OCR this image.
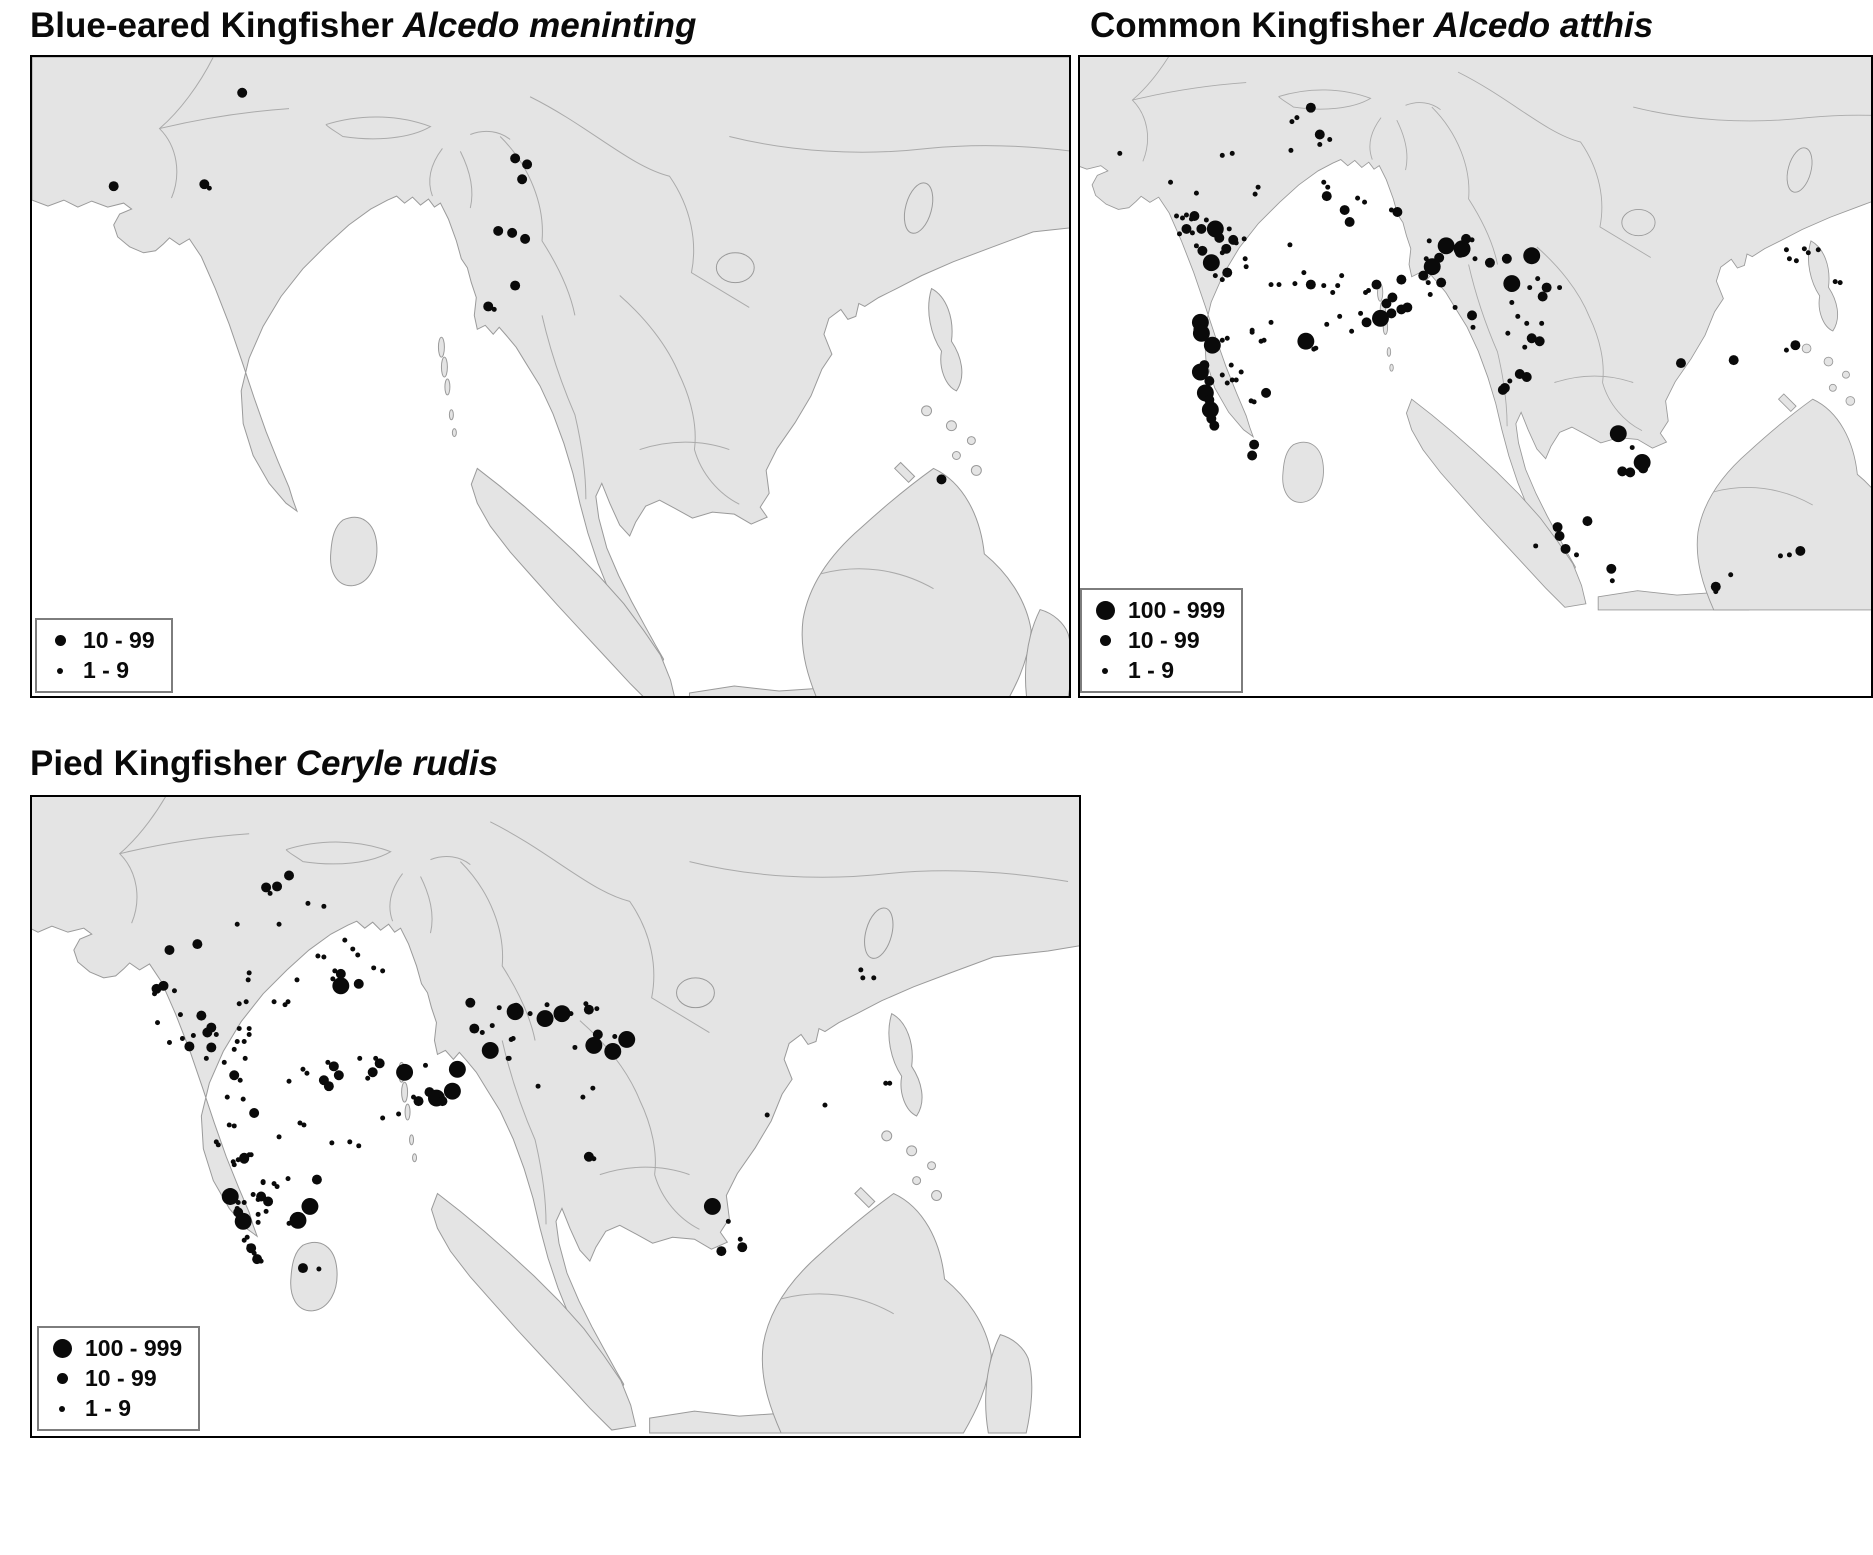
Blue-eared Kingfisher Alcedo meninting
10 - 99
1 - 9
Common Kingfisher Alcedo atthis
100 - 999
10 - 99
1 - 9
Pied Kingfisher Ceryle rudis
100 - 999
10 - 99
1 - 9
